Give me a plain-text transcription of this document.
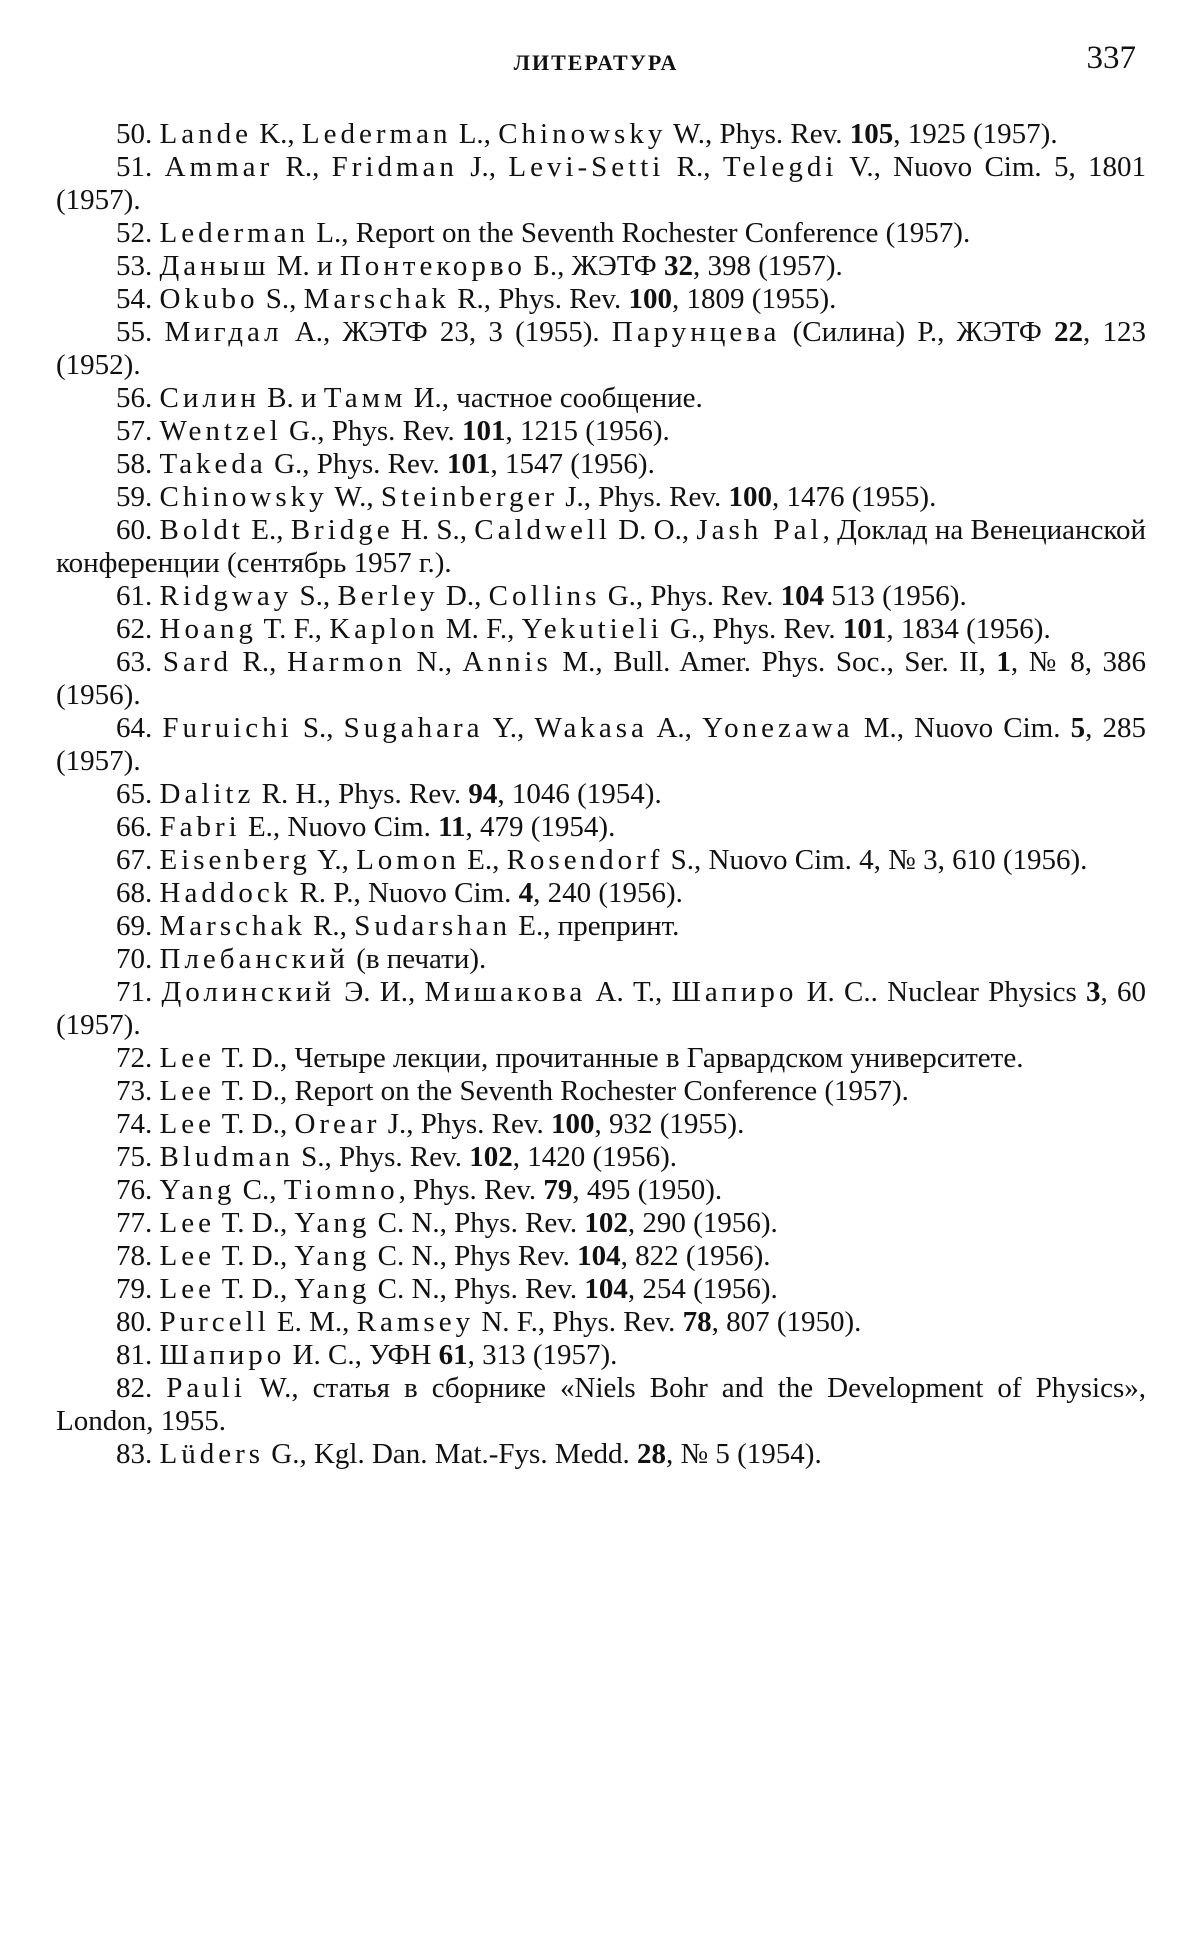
ЛИТЕРАТУРА	337

50. Lande K., Lederman L., Chinowsky W., Phys. Rev. 105, 1925 (1957).

51. Ammar R., Fridman J., Levi-Setti R., Telegdi V., Nuovo Cim. 5, 1801 (1957).

52. Lederman L., Report on the Seventh Rochester Conference (1957).

53. Даныш М. и Понтекорво Б., ЖЭТФ 32, 398 (1957).

54. Okubo S., Marschak R., Phys. Rev. 100, 1809 (1955).

55. Мигдал А., ЖЭТФ 23, 3 (1955). Парунцева (Силина) Р., ЖЭТФ 22, 123 (1952).

56. Силин В. и Тамм И., частное сообщение.

57. Wentzel G., Phys. Rev. 101, 1215 (1956).

58. Takeda G., Phys. Rev. 101, 1547 (1956).

59. Chinowsky W., Steinberger J., Phys. Rev. 100, 1476 (1955).

60. Boldt E., Bridge H. S., Caldwell D. O., Jash Pal, Доклад на Венецианской конференции (сентябрь 1957 г.).

61. Ridgway S., Berley D., Collins G., Phys. Rev. 104 513 (1956).

62. Hoang T. F., Kaplon M. F., Yekutieli G., Phys. Rev. 101, 1834 (1956).

63. Sard R., Harmon N., Annis M., Bull. Amer. Phys. Soc., Ser. II, 1, № 8, 386 (1956).

64. Furuichi S., Sugahara Y., Wakasa A., Yonezawa M., Nuovo Cim. 5, 285 (1957).

65. Dalitz R. H., Phys. Rev. 94, 1046 (1954).

66. Fabri E., Nuovo Cim. 11, 479 (1954).

67. Eisenberg Y., Lomon E., Rosendorf S., Nuovo Cim. 4, № 3, 610 (1956).

68. Haddock R. P., Nuovo Cim. 4, 240 (1956).

69. Marschak R., Sudarshan E., препринт.

70. Плебанский (в печати).

71. Долинский Э. И., Мишакова А. Т., Шапиро И. С.. Nuclear Physics 3, 60 (1957).

72. Lee T. D., Четыре лекции, прочитанные в Гарвардском университете.

73. Lee T. D., Report on the Seventh Rochester Conference (1957).

74. Lee T. D., Orear J., Phys. Rev. 100, 932 (1955).

75. Bludman S., Phys. Rev. 102, 1420 (1956).

76. Yang C., Tiomno, Phys. Rev. 79, 495 (1950).

77. Lee T. D., Yang C. N., Phys. Rev. 102, 290 (1956).

78. Lee T. D., Yang C. N., Phys Rev. 104, 822 (1956).

79. Lee T. D., Yang C. N., Phys. Rev. 104, 254 (1956).

80. Purcell E. M., Ramsey N. F., Phys. Rev. 78, 807 (1950).

81. Шапиро И. С., УФН 61, 313 (1957).

82. Pauli W., статья в сборнике «Niels Bohr and the Development of Physics», London, 1955.

83. Lüders G., Kgl. Dan. Mat.-Fys. Medd. 28, № 5 (1954).
